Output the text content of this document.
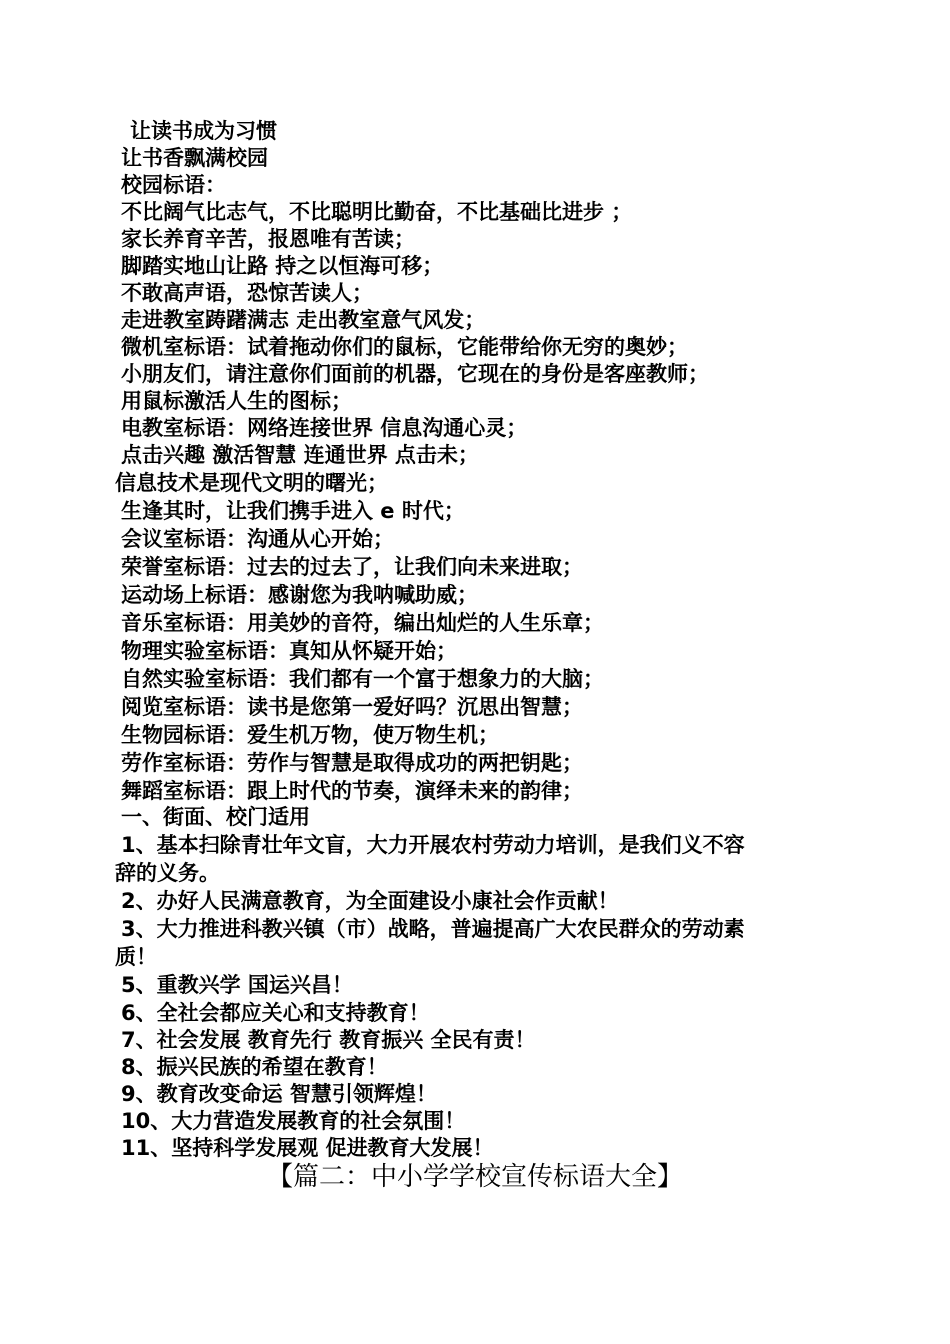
让读书成为习惯
让书香飘满校园
校园标语：
不比阔气比志气，不比聪明比勤奋，不比基础比进步 ；
家长养育辛苦，报恩唯有苦读；
脚踏实地山让路 持之以恒海可移；
不敢高声语，恐惊苦读人；
走进教室踌躇满志 走出教室意气风发；
微机室标语：试着拖动你们的鼠标，它能带给你无穷的奥妙；
小朋友们，请注意你们面前的机器，它现在的身份是客座教师；
用鼠标激活人生的图标；
电教室标语：网络连接世界 信息沟通心灵；
点击兴趣 激活智慧 连通世界 点击未；
信息技术是现代文明的曙光；
生逢其时，让我们携手进入 e 时代；
会议室标语：沟通从心开始；
荣誉室标语：过去的过去了，让我们向未来进取；
运动场上标语：感谢您为我呐喊助威；
音乐室标语：用美妙的音符，编出灿烂的人生乐章；
物理实验室标语：真知从怀疑开始；
自然实验室标语：我们都有一个富于想象力的大脑；
阅览室标语：读书是您第一爱好吗？沉思出智慧；
生物园标语：爱生机万物，使万物生机；
劳作室标语：劳作与智慧是取得成功的两把钥匙；
舞蹈室标语：跟上时代的节奏，演绎未来的韵律；
一、街面、校门适用
1、基本扫除青壮年文盲，大力开展农村劳动力培训，是我们义不容
辞的义务。
2、办好人民满意教育，为全面建设小康社会作贡献！
3、大力推进科教兴镇（市）战略，普遍提高广大农民群众的劳动素
质！
5、重教兴学 国运兴昌！
6、全社会都应关心和支持教育！
7、社会发展 教育先行 教育振兴 全民有责！
8、振兴民族的希望在教育！
9、教育改变命运 智慧引领辉煌！
10、大力营造发展教育的社会氛围！
11、坚持科学发展观 促进教育大发展！
【篇二：中小学学校宣传标语大全】
